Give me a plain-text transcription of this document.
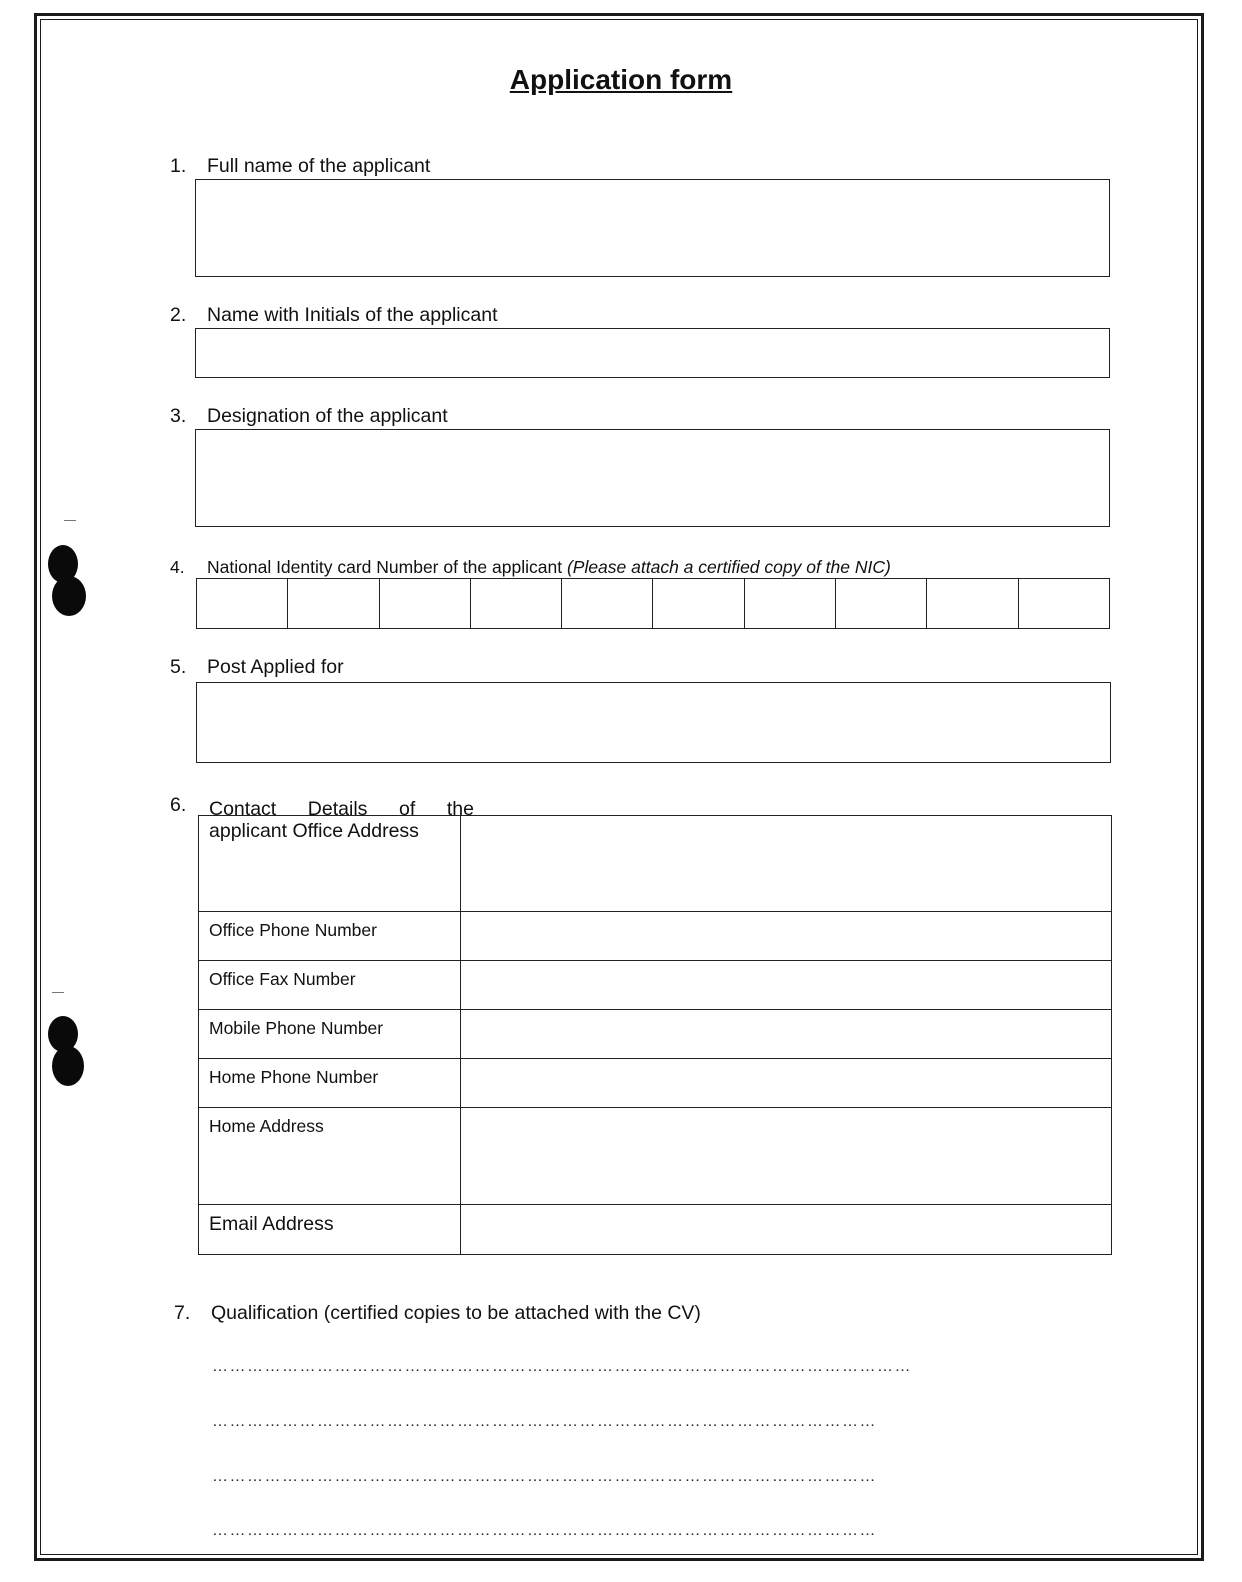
Application form
1. Full name of the applicant
2. Name with Initials of the applicant
3. Designation of the applicant
4. National Identity card Number of the applicant (Please attach a certified copy of the NIC)
5. Post Applied for
6. Contact Details of the applicant Office Address

Office Phone Number	
Office Fax Number	
Mobile Phone Number	
Home Phone Number	
Home Address	
Email Address	
7. Qualification (certified copies to be attached with the CV)
…………………………………………………………………………………………………………
……………………………………………………………………………………………………
……………………………………………………………………………………………………
……………………………………………………………………………………………………
